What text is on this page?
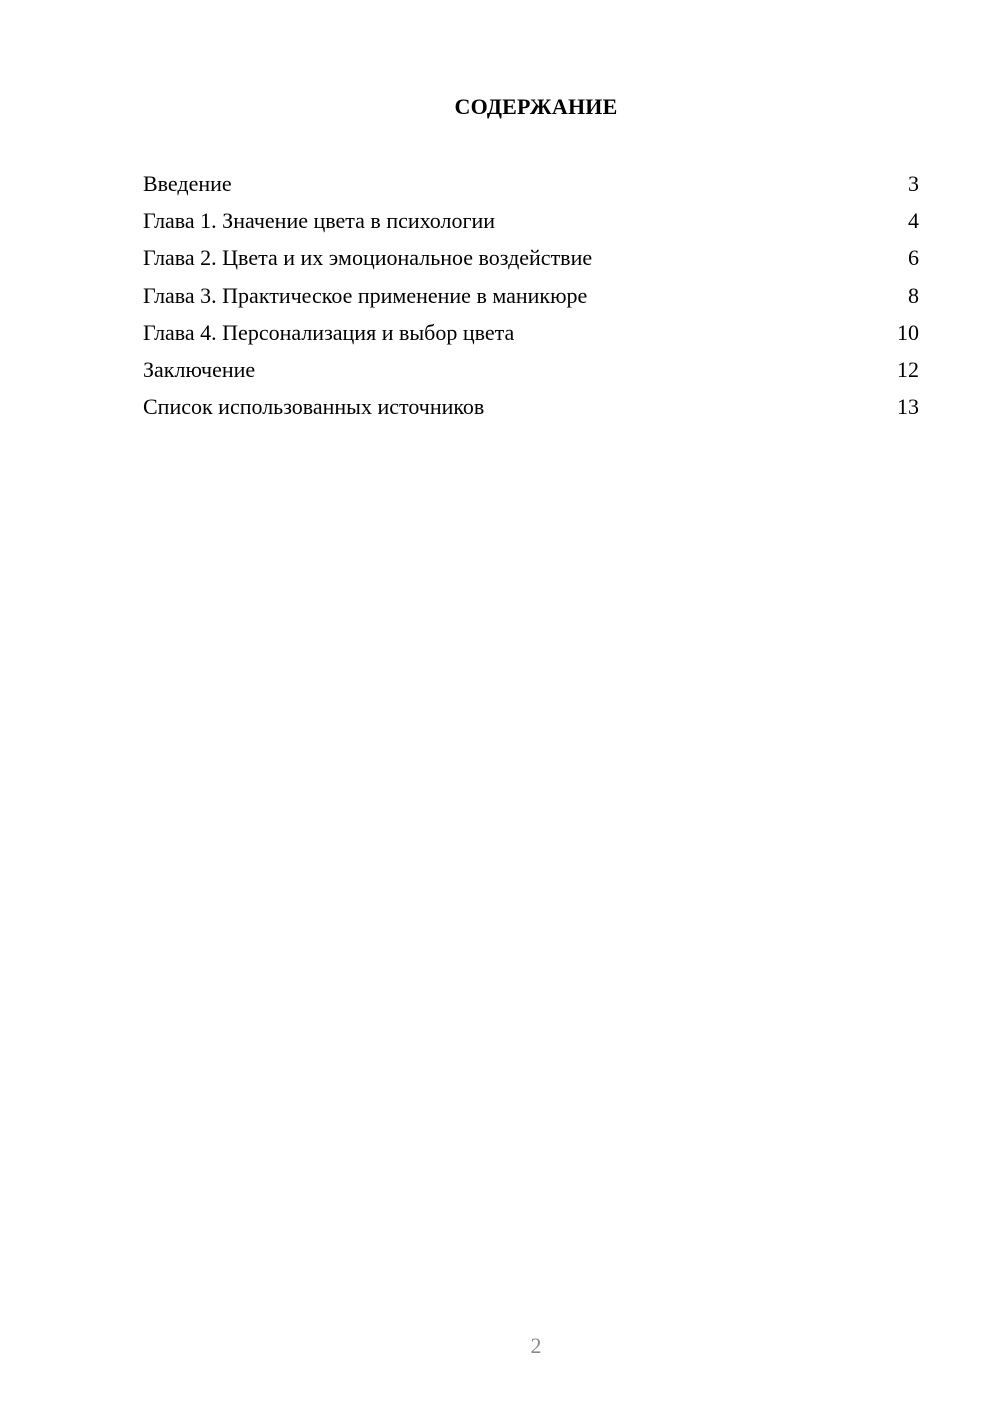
СОДЕРЖАНИЕ
Введение	3
Глава 1. Значение цвета в психологии	4
Глава 2. Цвета и их эмоциональное воздействие	6
Глава 3. Практическое применение в маникюре	8
Глава 4. Персонализация и выбор цвета	10
Заключение	12
Список использованных источников	13
2
